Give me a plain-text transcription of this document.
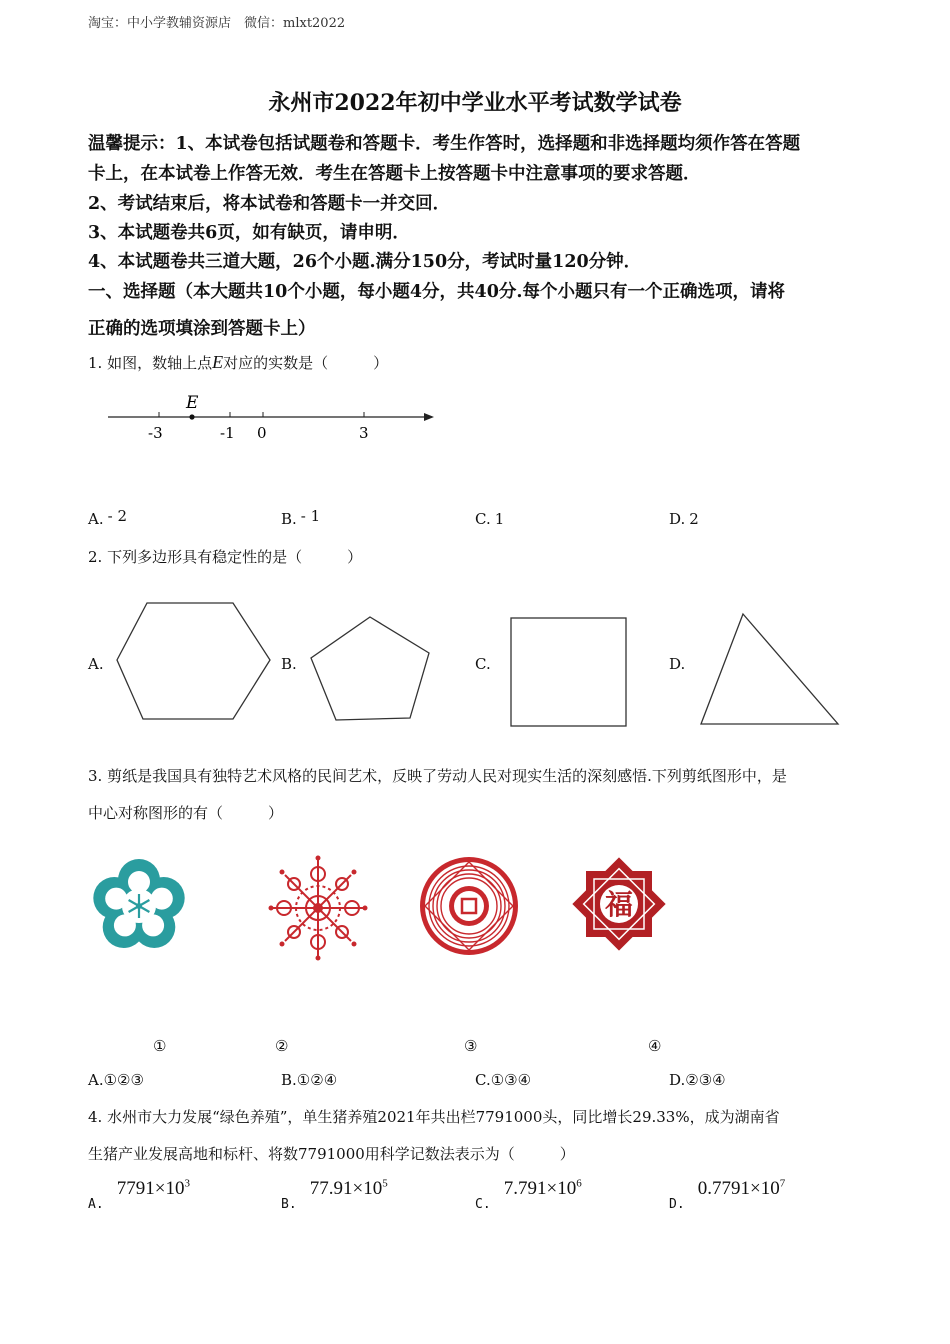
淘宝：中小学教辅资源店　微信：mlxt2022
永州市2022年初中学业水平考试数学试卷
温馨提示：1、本试卷包括试题卷和答题卡．考生作答时，选择题和非选择题均须作答在答题
卡上，在本试卷上作答无效．考生在答题卡上按答题卡中注意事项的要求答题．
2、考试结束后，将本试卷和答题卡一并交回．
3、本试题卷共6页，如有缺页，请申明．
4、本试题卷共三道大题，26个小题.满分150分，考试时量120分钟．
一、选择题（本大题共10个小题，每小题4分，共40分.每个小题只有一个正确选项，请将
正确的选项填涂到答题卡上）
1. 如图，数轴上点E对应的实数是（　　　）
E
-3	-1 0	3
A. - 2	B. - 1	C. 1	D. 2
2. 下列多边形具有稳定性的是（　　　）
A.	B.	C.	D.
3. 剪纸是我国具有独特艺术风格的民间艺术，反映了劳动人民对现实生活的深刻感悟.下列剪纸图形中，是
中心对称图形的有（　　　）
福
①	②	③	④
A.①②③	B.①②④	C.①③④	D.②③④
4. 水州市大力发展“绿色养殖”，单生猪养殖2021年共出栏7791000头，同比增长29.33%，成为湖南省
生猪产业发展高地和标杆、将数7791000用科学记数法表示为（　　　）
$_{A.}$ $7791\times 10^3$
$_{B.}$ $77.91\times 10^5$
$_{C.}$ $7.791\times 10^6$
$_{D.}$ $0.7791\times 10^7$
